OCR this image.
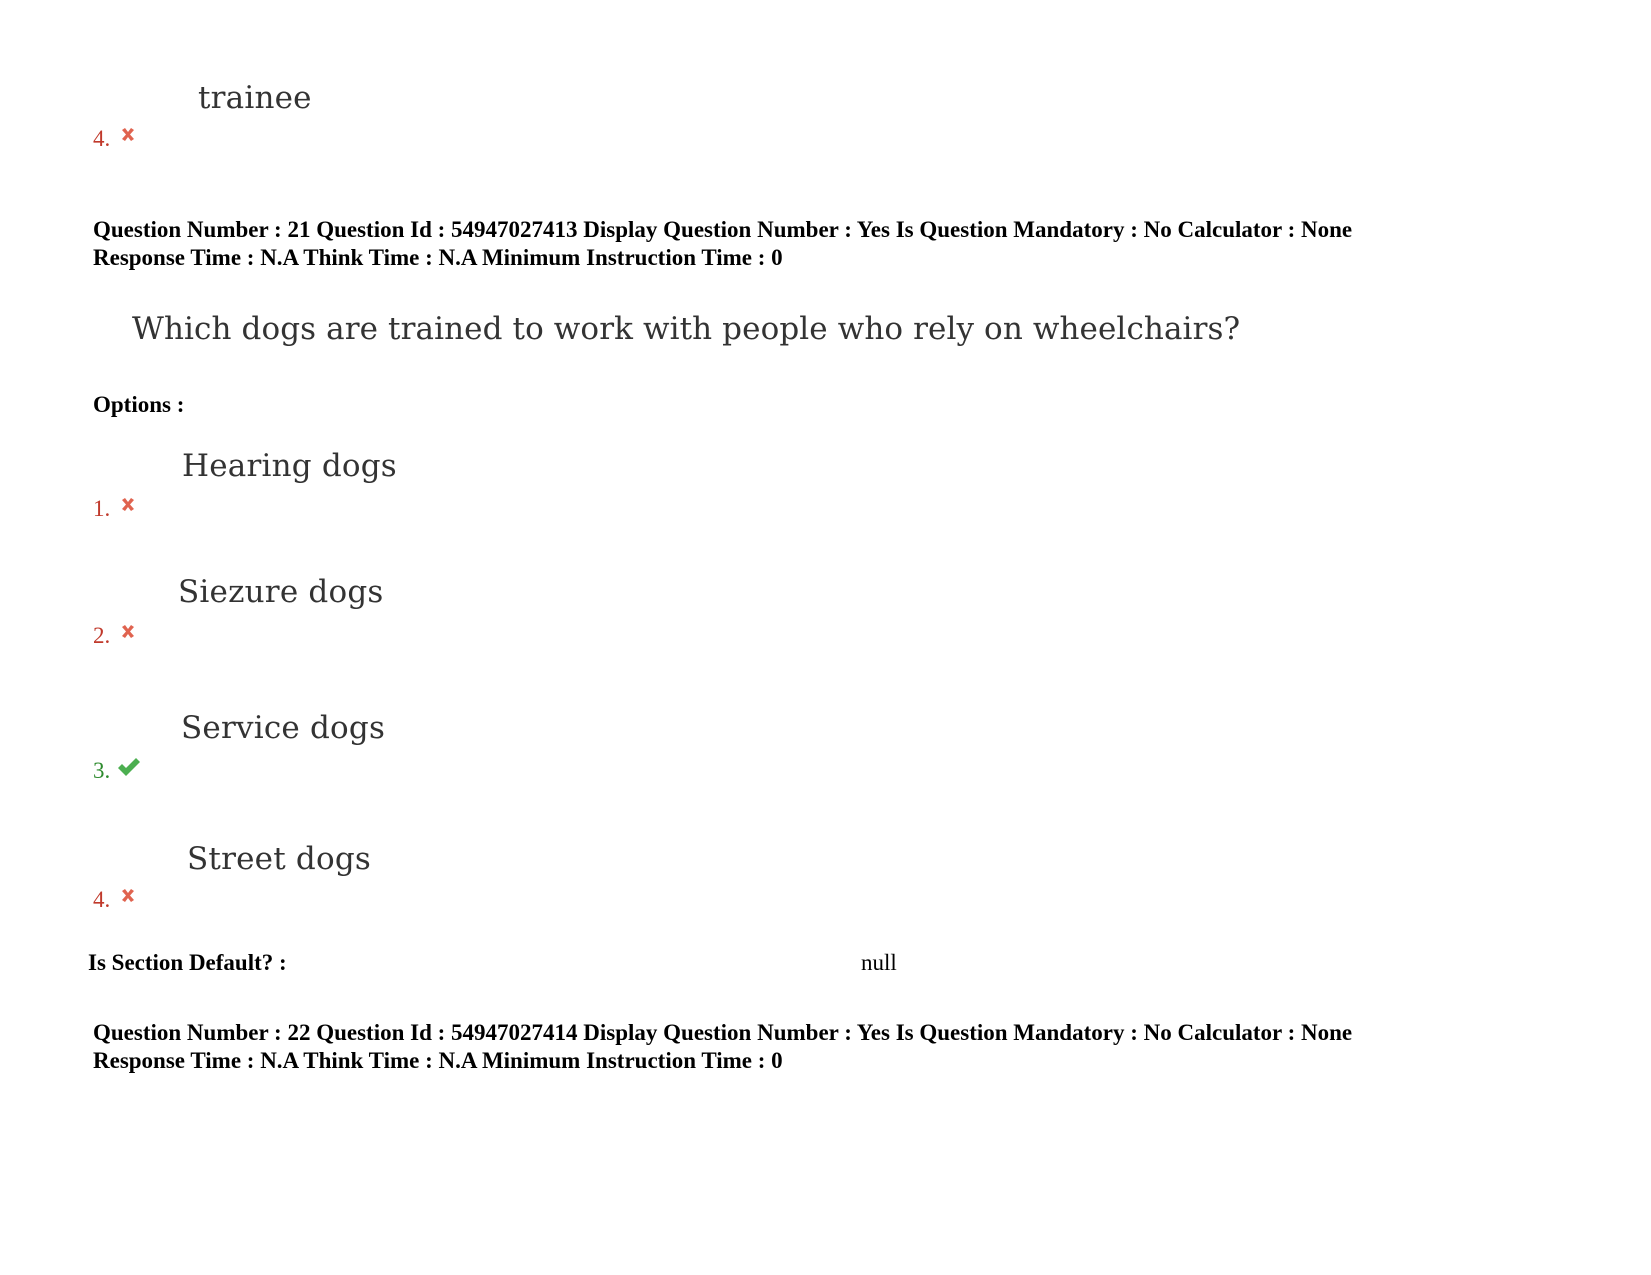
trainee
4.
Question Number : 21 Question Id : 54947027413 Display Question Number : Yes Is Question Mandatory : No Calculator : None
Response Time : N.A Think Time : N.A Minimum Instruction Time : 0
Which dogs are trained to work with people who rely on wheelchairs?
Options :
Hearing dogs
1.
Siezure dogs
2.
Service dogs
3.
Street dogs
4.
Is Section Default? :	null
Question Number : 22 Question Id : 54947027414 Display Question Number : Yes Is Question Mandatory : No Calculator : None
Response Time : N.A Think Time : N.A Minimum Instruction Time : 0
